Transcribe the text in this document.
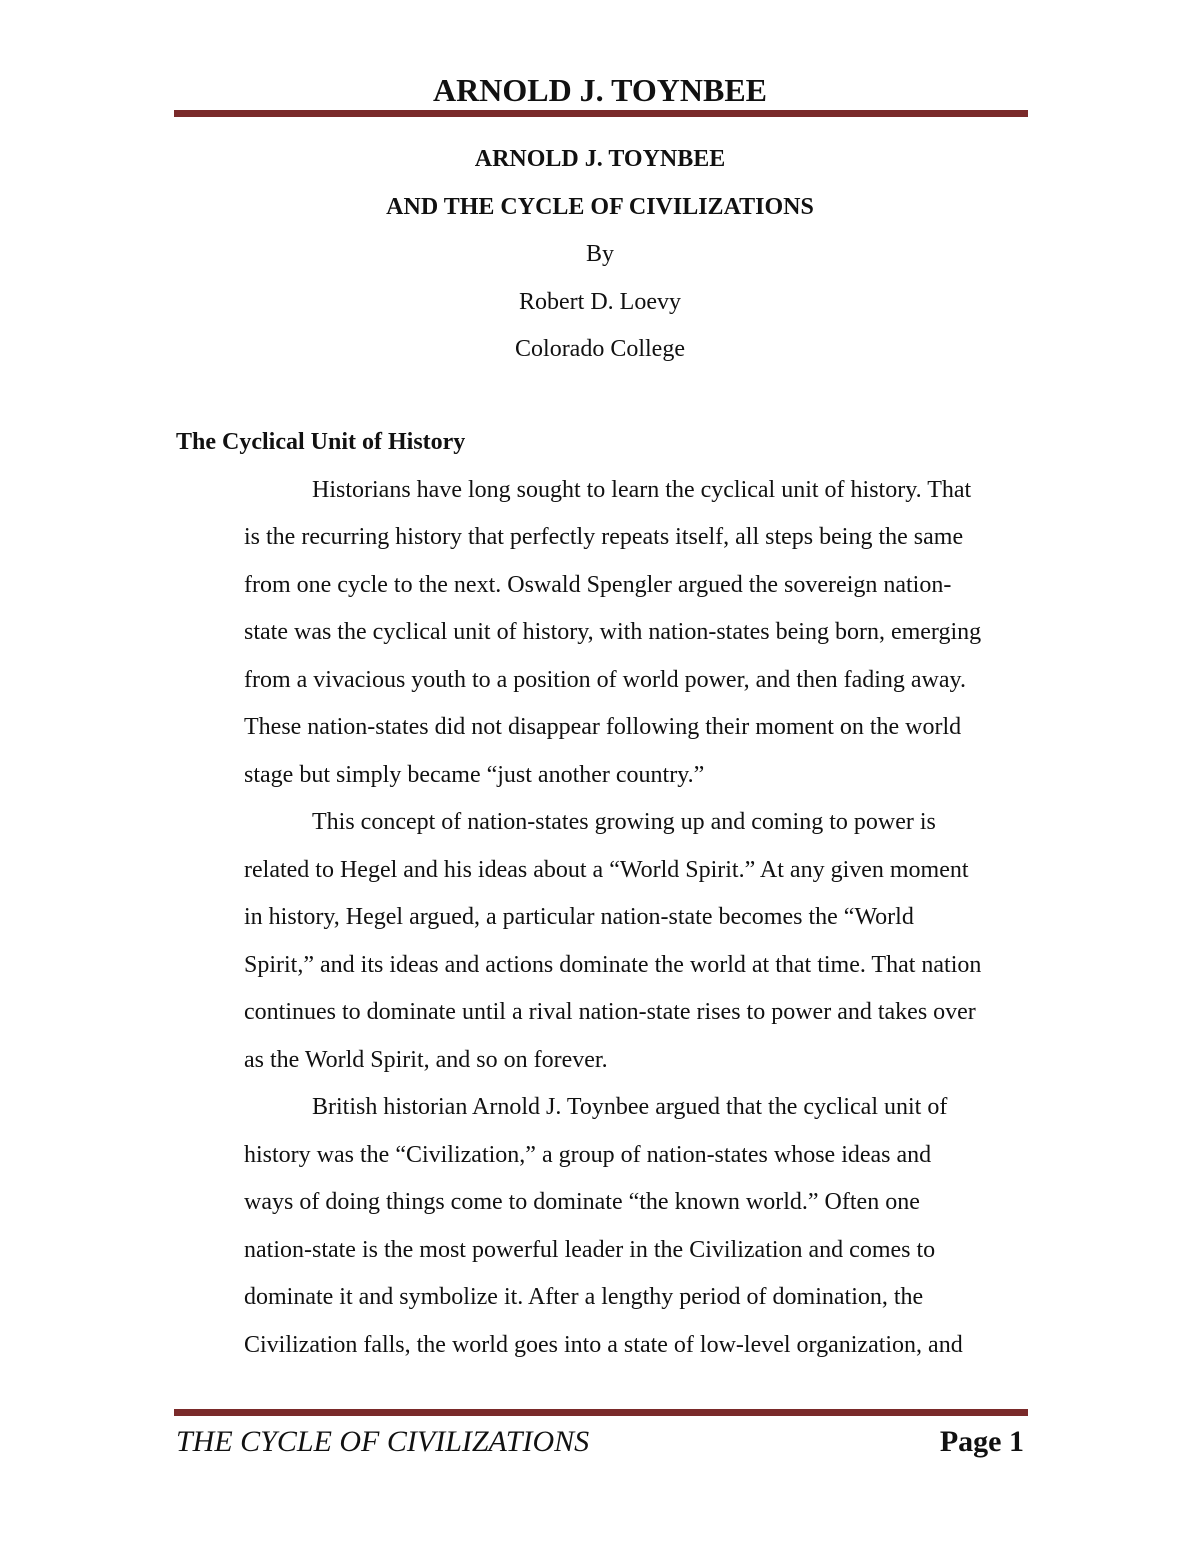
ARNOLD J. TOYNBEE
ARNOLD J. TOYNBEE
AND THE CYCLE OF CIVILIZATIONS
By
Robert D. Loevy
Colorado College
The Cyclical Unit of History
Historians have long sought to learn the cyclical unit of history. That
is the recurring history that perfectly repeats itself, all steps being the same
from one cycle to the next. Oswald Spengler argued the sovereign nation-
state was the cyclical unit of history, with nation-states being born, emerging
from a vivacious youth to a position of world power, and then fading away.
These nation-states did not disappear following their moment on the world
stage but simply became “just another country.”
This concept of nation-states growing up and coming to power is
related to Hegel and his ideas about a “World Spirit.” At any given moment
in history, Hegel argued, a particular nation-state becomes the “World
Spirit,” and its ideas and actions dominate the world at that time. That nation
continues to dominate until a rival nation-state rises to power and takes over
as the World Spirit, and so on forever.
British historian Arnold J. Toynbee argued that the cyclical unit of
history was the “Civilization,” a group of nation-states whose ideas and
ways of doing things come to dominate “the known world.” Often one
nation-state is the most powerful leader in the Civilization and comes to
dominate it and symbolize it. After a lengthy period of domination, the
Civilization falls, the world goes into a state of low-level organization, and
THE CYCLE OF CIVILIZATIONS	Page 1
